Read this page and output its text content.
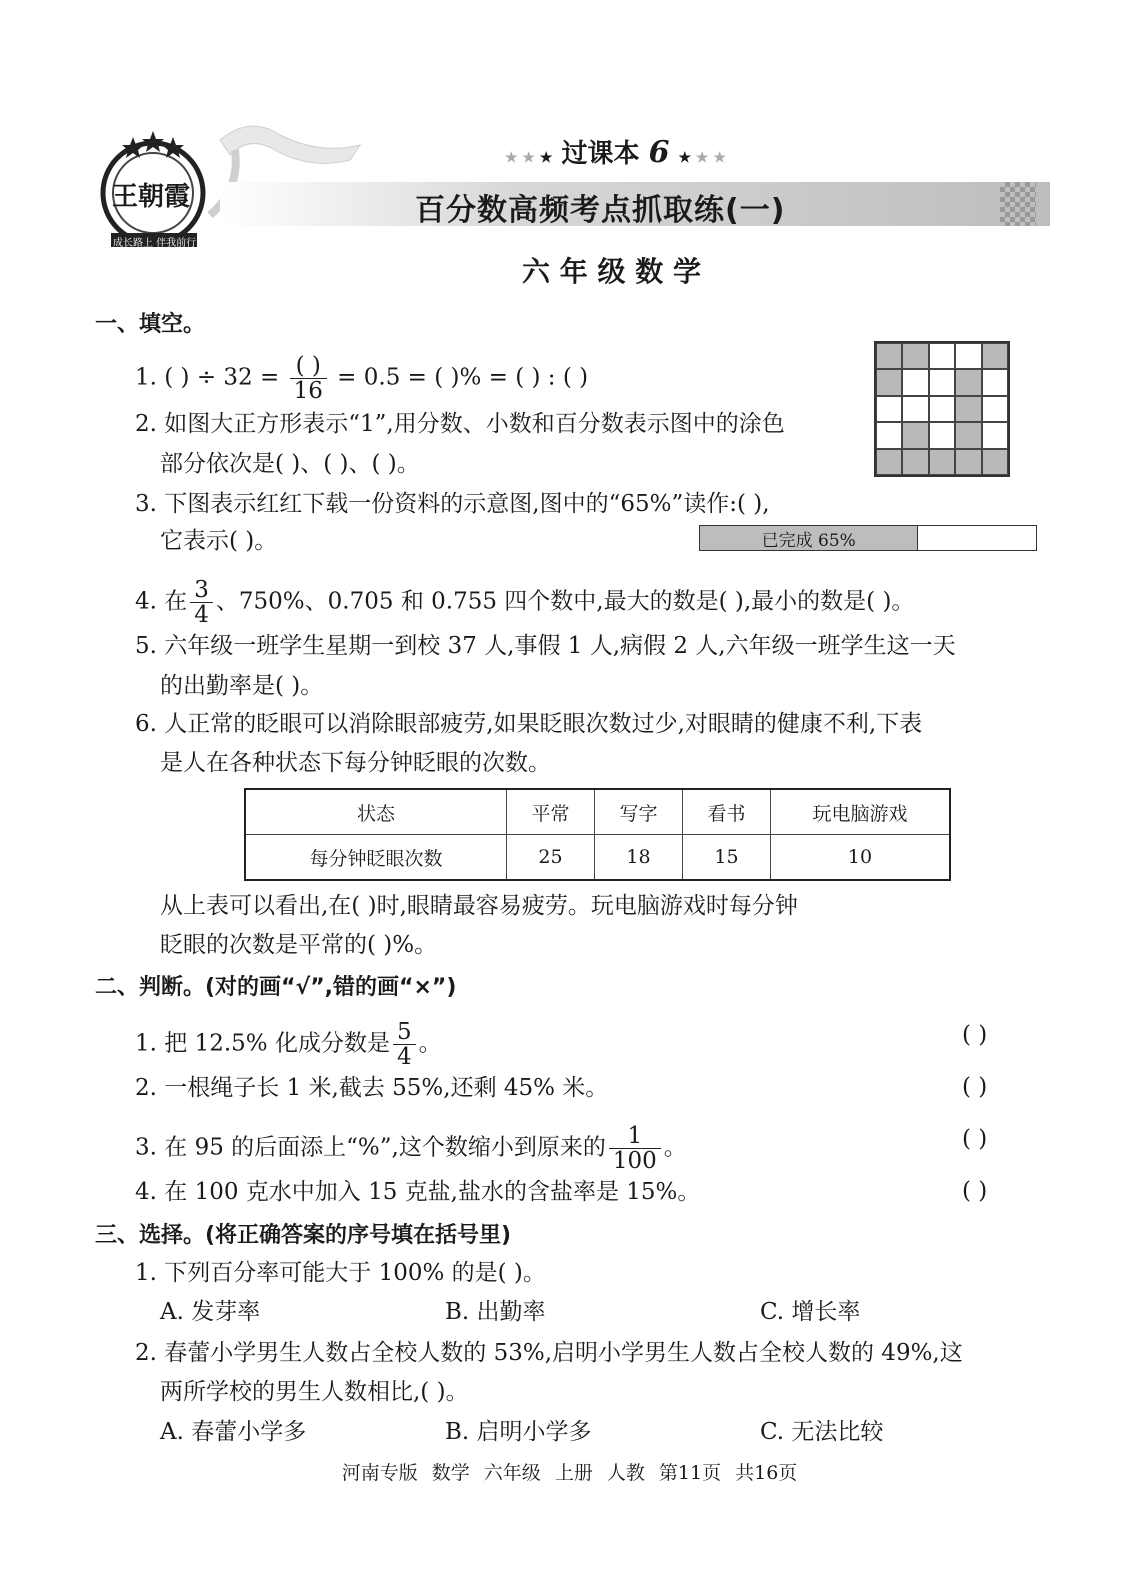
王朝霞
成长路上 伴我前行
★ ★ ★ 过课本 6 ★ ★ ★
百分数高频考点抓取练(一)
六 年 级 数 学
一、填空。
1. ( ) ÷ $32 = \frac{( )}{16} = 0.5$ = ( )% = ( ) : ( )
2. 如图大正方形表示“1”,用分数、小数和百分数表示图中的涂色
部分依次是( )、( )、( )。
3. 下图表示红红下载一份资料的示意图,图中的“65%”读作:( ),
它表示( )。	已完成 65%
4. 在 $\frac{3}{4}$ 、750%、0.705 和 0.755 四个数中,最大的数是( ),最小的数是( )。
5. 六年级一班学生星期一到校 37 人,事假 1 人,病假 2 人,六年级一班学生这一天
的出勤率是( )。
6. 人正常的眨眼可以消除眼部疲劳,如果眨眼次数过少,对眼睛的健康不利,下表
是人在各种状态下每分钟眨眼的次数。
状态	平常	写字	看书	玩电脑游戏
每分钟眨眼次数	25	18	15	10
从上表可以看出,在( )时,眼睛最容易疲劳。玩电脑游戏时每分钟
眨眼的次数是平常的( )%。
二、判断。(对的画“√”,错的画“×”)
1. 把 12.5% 化成分数是 $\frac{5}{4}$ 。	( )
2. 一根绳子长 1 米,截去 55%,还剩 45% 米。	( )
3. 在 95 的后面添上“%”,这个数缩小到原来的 $\frac{1}{100}$ 。	( )
4. 在 100 克水中加入 15 克盐,盐水的含盐率是 15%。	( )
三、选择。(将正确答案的序号填在括号里)
1. 下列百分率可能大于 100% 的是( )。
A. 发芽率	B. 出勤率	C. 增长率
2. 春蕾小学男生人数占全校人数的 53%,启明小学男生人数占全校人数的 49%,这
两所学校的男生人数相比,( )。
A. 春蕾小学多	B. 启明小学多	C. 无法比较
河南专版 数学 六年级 上册 人教 第11页 共16页
